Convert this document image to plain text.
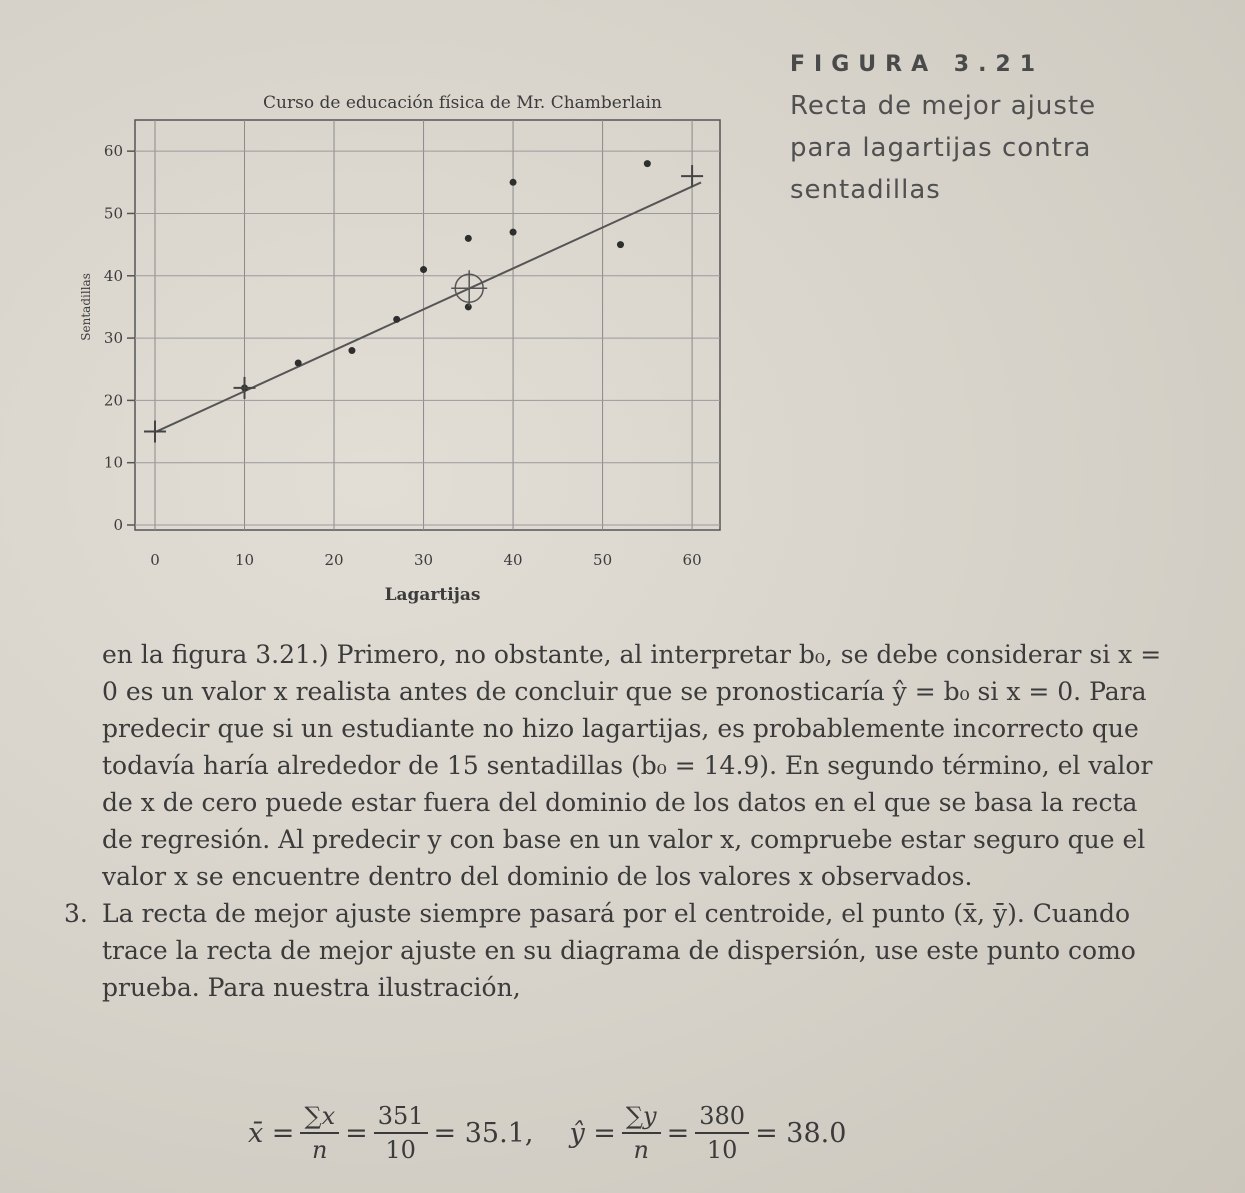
FIGURA 3.21
Recta de mejor ajuste
para lagartijas contra
sentadillas
Curso de educación física de Mr. Chamberlain
Lagartijas
Sentadillas
0	10	20	30	40	50	60
0
10
20
30
40
50
60

en la figura 3.21.) Primero, no obstante, al interpretar b₀, se debe considerar si x = 0 es un valor x realista antes de concluir que se pronosticaría ŷ = b₀ si x = 0. Para predecir que si un estudiante no hizo lagartijas, es probablemente incorrecto que todavía haría alrededor de 15 sentadillas (b₀ = 14.9). En segundo término, el valor de x de cero puede estar fuera del dominio de los datos en el que se basa la recta de regresión. Al predecir y con base en un valor x, compruebe estar seguro que el valor x se encuentre dentro del dominio de los valores x observados.

3. La recta de mejor ajuste siempre pasará por el centroide, el punto (x̄, ȳ). Cuando trace la recta de mejor ajuste en su diagrama de dispersión, use este punto como prueba. Para nuestra ilustración,

x̄ = $\frac{\sum x}{n} = \frac{351}{10} = 35.1$, ŷ = $\frac{\sum y}{n} = \frac{380}{10} = 38.0$
